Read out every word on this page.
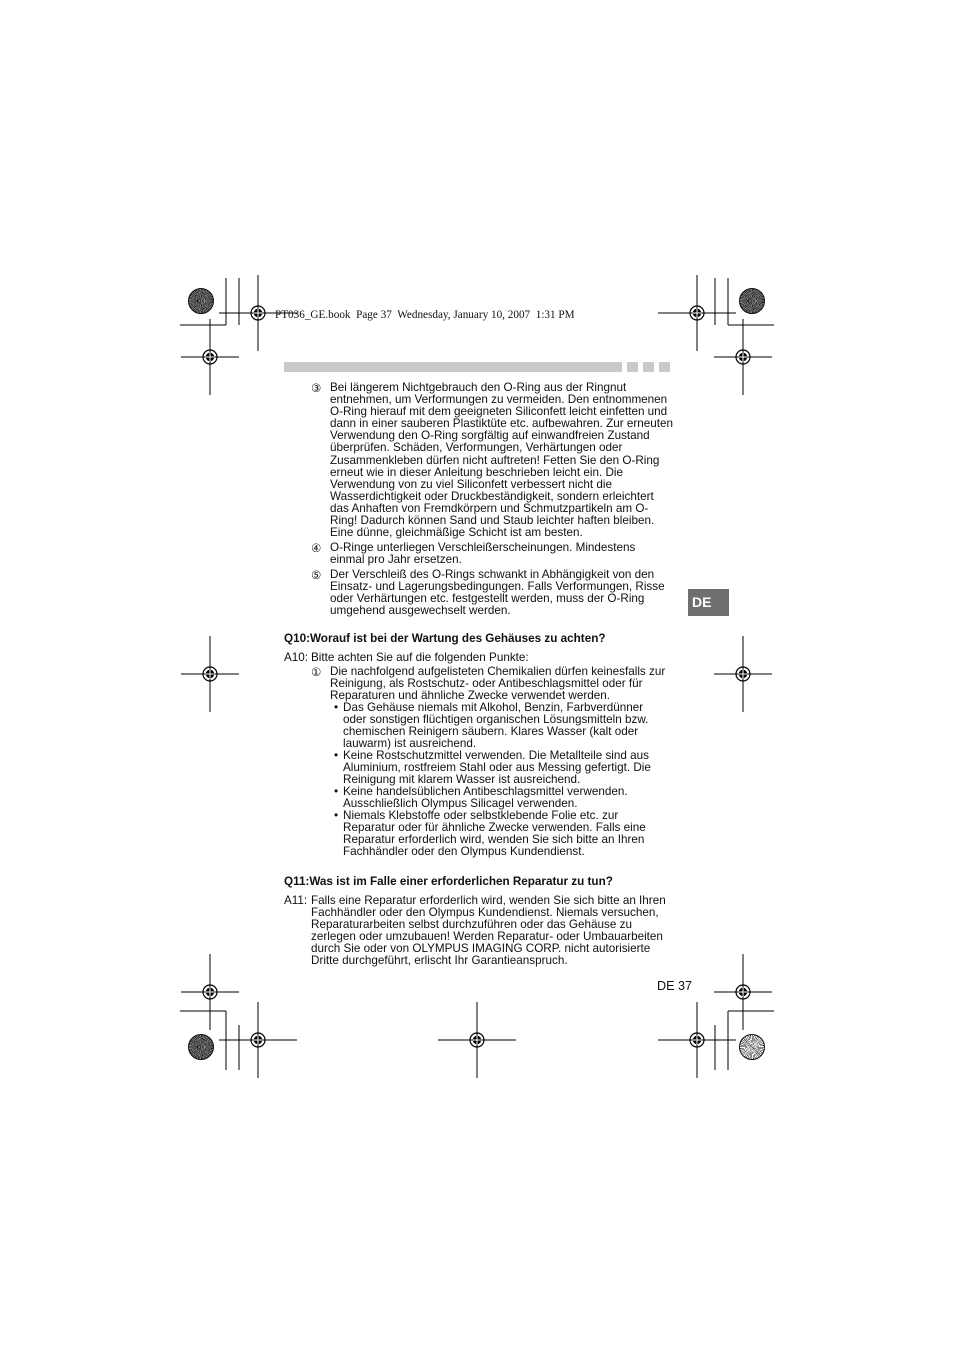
PT036_GE.book  Page 37  Wednesday, January 10, 2007  1:31 PM
③ Bei längerem Nichtgebrauch den O-Ring aus der Ringnut
entnehmen, um Verformungen zu vermeiden. Den entnommenen
O-Ring hierauf mit dem geeigneten Siliconfett leicht einfetten und
dann in einer sauberen Plastiktüte etc. aufbewahren. Zur erneuten
Verwendung den O-Ring sorgfältig auf einwandfreien Zustand
überprüfen. Schäden, Verformungen, Verhärtungen oder
Zusammenkleben dürfen nicht auftreten! Fetten Sie den O-Ring
erneut wie in dieser Anleitung beschrieben leicht ein. Die
Verwendung von zu viel Siliconfett verbessert nicht die
Wasserdichtigkeit oder Druckbeständigkeit, sondern erleichtert
das Anhaften von Fremdkörpern und Schmutzpartikeln am O-
Ring! Dadurch können Sand und Staub leichter haften bleiben.
Eine dünne, gleichmäßige Schicht ist am besten.
④ O-Ringe unterliegen Verschleißerscheinungen. Mindestens
einmal pro Jahr ersetzen.
⑤ Der Verschleiß des O-Rings schwankt in Abhängigkeit von den
Einsatz- und Lagerungsbedingungen. Falls Verformungen, Risse
oder Verhärtungen etc. festgestellt werden, muss der O-Ring
umgehend ausgewechselt werden.
DE
Q10:Worauf ist bei der Wartung des Gehäuses zu achten?
A10: Bitte achten Sie auf die folgenden Punkte:
① Die nachfolgend aufgelisteten Chemikalien dürfen keinesfalls zur
Reinigung, als Rostschutz- oder Antibeschlagsmittel oder für
Reparaturen und ähnliche Zwecke verwendet werden.
• Das Gehäuse niemals mit Alkohol, Benzin, Farbverdünner
oder sonstigen flüchtigen organischen Lösungsmitteln bzw.
chemischen Reinigern säubern. Klares Wasser (kalt oder
lauwarm) ist ausreichend.
• Keine Rostschutzmittel verwenden. Die Metallteile sind aus
Aluminium, rostfreiem Stahl oder aus Messing gefertigt. Die
Reinigung mit klarem Wasser ist ausreichend.
• Keine handelsüblichen Antibeschlagsmittel verwenden.
Ausschließlich Olympus Silicagel verwenden.
• Niemals Klebstoffe oder selbstklebende Folie etc. zur
Reparatur oder für ähnliche Zwecke verwenden. Falls eine
Reparatur erforderlich wird, wenden Sie sich bitte an Ihren
Fachhändler oder den Olympus Kundendienst.
Q11:Was ist im Falle einer erforderlichen Reparatur zu tun?
A11: Falls eine Reparatur erforderlich wird, wenden Sie sich bitte an Ihren
Fachhändler oder den Olympus Kundendienst. Niemals versuchen,
Reparaturarbeiten selbst durchzuführen oder das Gehäuse zu
zerlegen oder umzubauen! Werden Reparatur- oder Umbauarbeiten
durch Sie oder von OLYMPUS IMAGING CORP. nicht autorisierte
Dritte durchgeführt, erlischt Ihr Garantieanspruch.
DE 37
